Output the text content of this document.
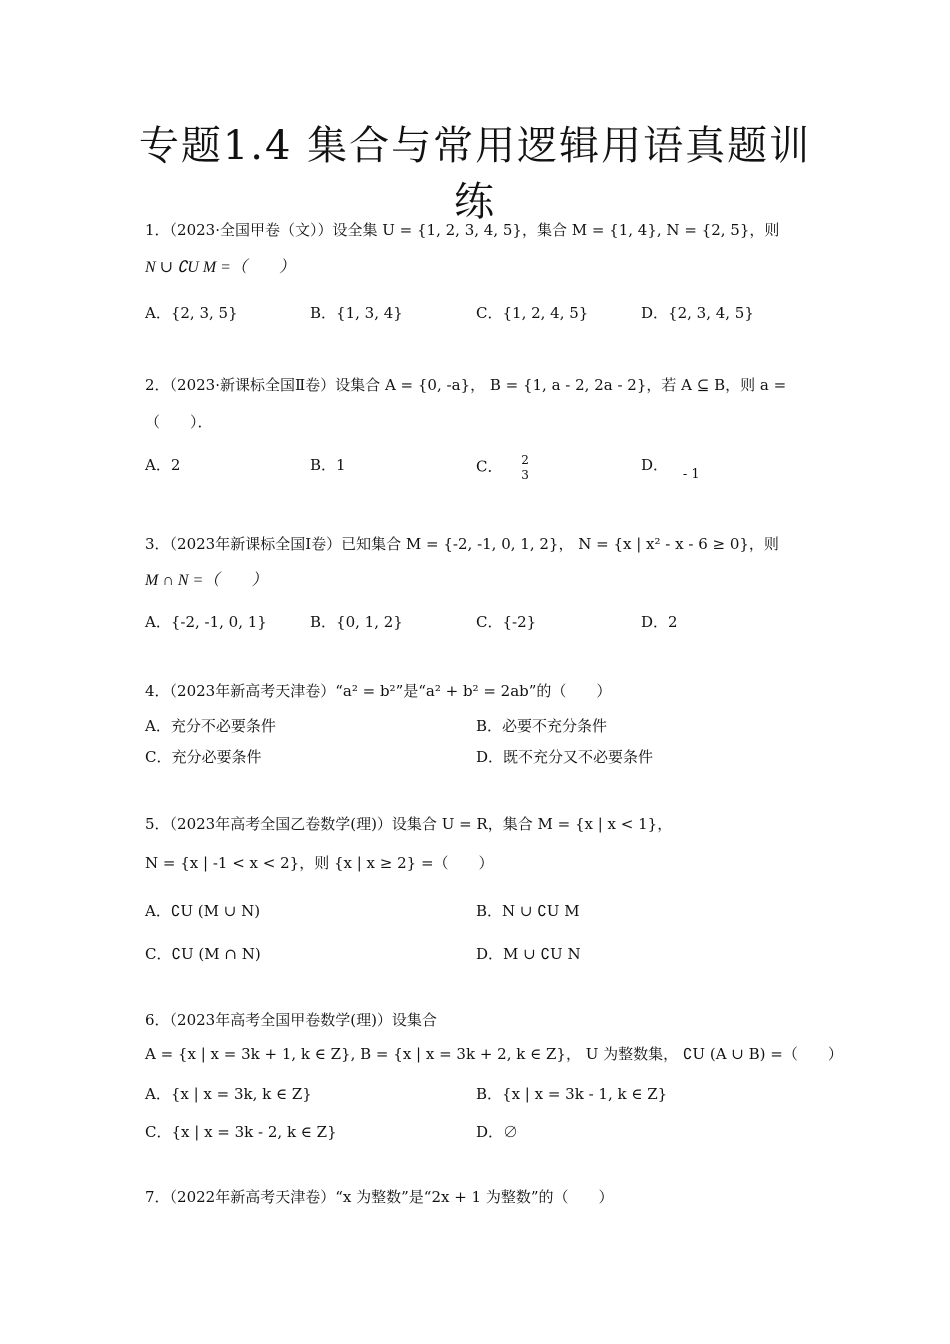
专题1.4 集合与常用逻辑用语真题训练
1．（2023·全国甲卷（文））设全集 U = {1, 2, 3, 4, 5}，集合 M = {1, 4}, N = {2, 5}，则
N ∪ ∁U M =（　　）
A．{2, 3, 5}	B．{1, 3, 4}	C．{1, 2, 4, 5}	D．{2, 3, 4, 5}
2．（2023·新课标全国Ⅱ卷）设集合 A = {0, -a}， B = {1, a - 2, 2a - 2}，若 A ⊆ B，则 a =
（　　）．
A．2	B．1	C． $\frac{2}{3}$	D． - 1
3．（2023年新课标全国Ⅰ卷）已知集合 M = {-2, -1, 0, 1, 2}， N = {x | x² - x - 6 ≥ 0}，则
M ∩ N =（　　）
A．{-2, -1, 0, 1}	B．{0, 1, 2}	C．{-2}	D．2
4．（2023年新高考天津卷）“a² = b²”是“a² + b² = 2ab”的（　　）
A．充分不必要条件	B．必要不充分条件
C．充分必要条件	D．既不充分又不必要条件
5．（2023年高考全国乙卷数学(理)）设集合 U = R，集合 M = {x | x < 1}，
N = {x | -1 < x < 2}，则 {x | x ≥ 2} =（　　）
A．∁U (M ∪ N)	B．N ∪ ∁U M
C．∁U (M ∩ N)	D．M ∪ ∁U N
6．（2023年高考全国甲卷数学(理)）设集合
A = {x | x = 3k + 1, k ∈ Z}, B = {x | x = 3k + 2, k ∈ Z}， U 为整数集， ∁U (A ∪ B) =（　　）
A．{x | x = 3k, k ∈ Z}	B．{x | x = 3k - 1, k ∈ Z}
C．{x | x = 3k - 2, k ∈ Z}	D．∅
7．（2022年新高考天津卷）“x 为整数”是“2x + 1 为整数”的（　　）
